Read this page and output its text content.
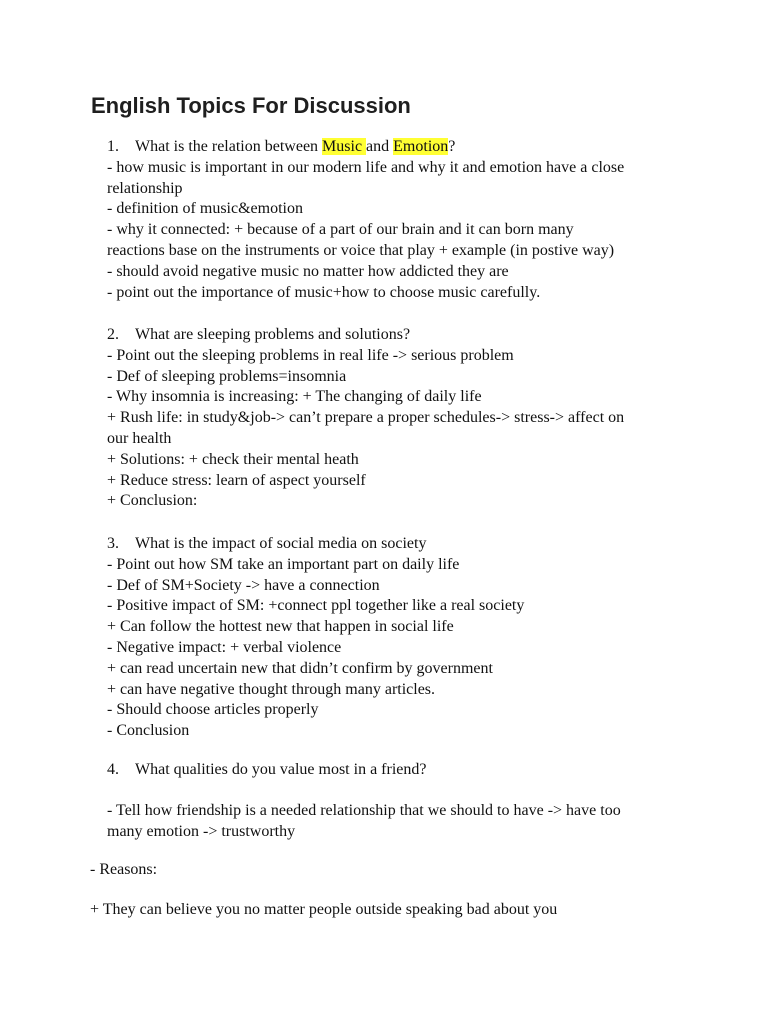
English Topics For Discussion

1. What is the relation between Music and Emotion?

- how music is important in our modern life and why it and emotion have a close

relationship

- definition of music&emotion

- why it connected: + because of a part of our brain and it can born many

reactions base on the instruments or voice that play + example (in postive way)

- should avoid negative music no matter how addicted they are

- point out the importance of music+how to choose music carefully.

2. What are sleeping problems and solutions?

- Point out the sleeping problems in real life -> serious problem

- Def of sleeping problems=insomnia

- Why insomnia is increasing: + The changing of daily life

+ Rush life: in study&job-> can’t prepare a proper schedules-> stress-> affect on

our health

+ Solutions: + check their mental heath

+ Reduce stress: learn of aspect yourself

+ Conclusion:

3. What is the impact of social media on society

- Point out how SM take an important part on daily life

- Def of SM+Society -> have a connection

- Positive impact of SM: +connect ppl together like a real society

+ Can follow the hottest new that happen in social life

- Negative impact: + verbal violence

+ can read uncertain new that didn’t confirm by government

+ can have negative thought through many articles.

- Should choose articles properly

- Conclusion

4. What qualities do you value most in a friend?

- Tell how friendship is a needed relationship that we should to have -> have too

many emotion -> trustworthy

- Reasons:

+ They can believe you no matter people outside speaking bad about you
